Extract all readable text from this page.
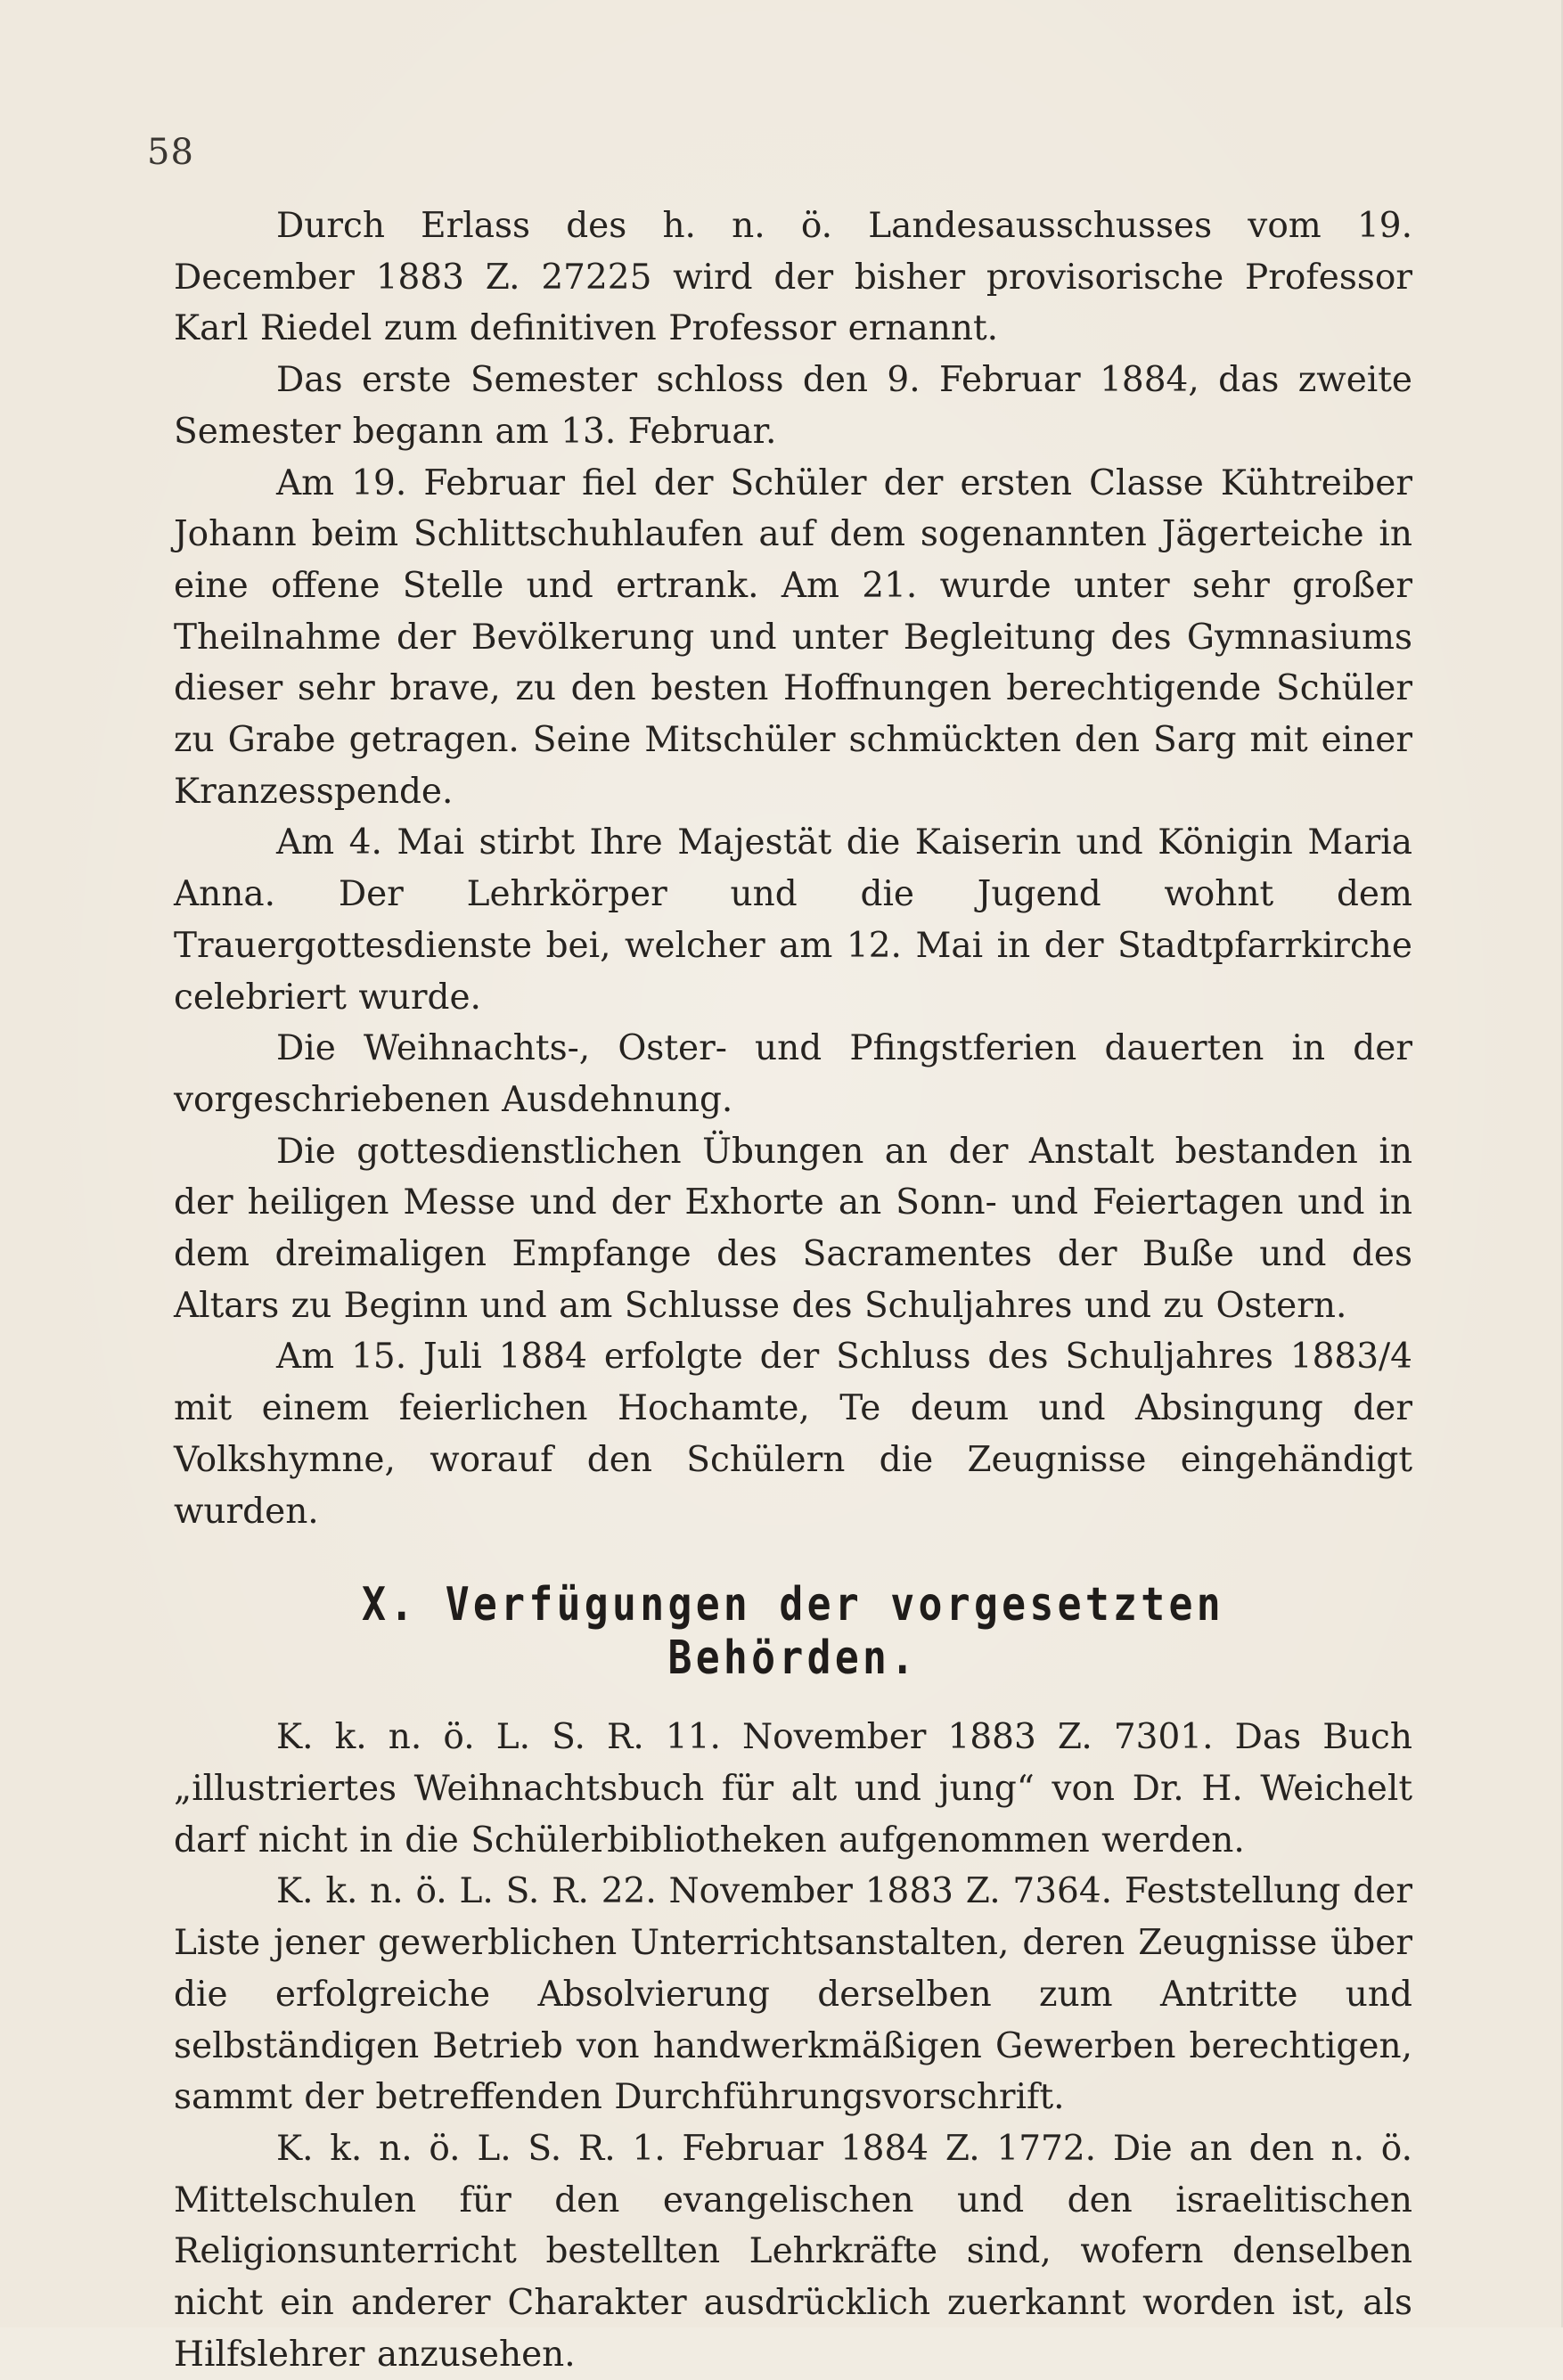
58

Durch Erlass des h. n. ö. Landesausschusses vom 19. December 1883 Z. 27225 wird der bisher provisorische Professor Karl Riedel zum definitiven Professor ernannt.

Das erste Semester schloss den 9. Februar 1884, das zweite Semester begann am 13. Februar.

Am 19. Februar fiel der Schüler der ersten Classe Kühtreiber Johann beim Schlittschuhlaufen auf dem sogenannten Jägerteiche in eine offene Stelle und ertrank. Am 21. wurde unter sehr großer Theilnahme der Bevölkerung und unter Begleitung des Gymnasiums dieser sehr brave, zu den besten Hoffnungen berechtigende Schüler zu Grabe getragen. Seine Mitschüler schmückten den Sarg mit einer Kranzesspende.

Am 4. Mai stirbt Ihre Majestät die Kaiserin und Königin Maria Anna. Der Lehrkörper und die Jugend wohnt dem Trauergottesdienste bei, welcher am 12. Mai in der Stadtpfarrkirche celebriert wurde.

Die Weihnachts-, Oster- und Pfingstferien dauerten in der vorgeschriebenen Ausdehnung.

Die gottesdienstlichen Übungen an der Anstalt bestanden in der heiligen Messe und der Exhorte an Sonn- und Feiertagen und in dem dreimaligen Empfange des Sacramentes der Buße und des Altars zu Beginn und am Schlusse des Schuljahres und zu Ostern.

Am 15. Juli 1884 erfolgte der Schluss des Schuljahres 1883/4 mit einem feierlichen Hochamte, Te deum und Absingung der Volkshymne, worauf den Schülern die Zeugnisse eingehändigt wurden.

X. Verfügungen der vorgesetzten Behörden.

K. k. n. ö. L. S. R. 11. November 1883 Z. 7301. Das Buch „illustriertes Weihnachtsbuch für alt und jung“ von Dr. H. Weichelt darf nicht in die Schülerbibliotheken aufgenommen werden.

K. k. n. ö. L. S. R. 22. November 1883 Z. 7364. Feststellung der Liste jener gewerblichen Unterrichtsanstalten, deren Zeugnisse über die erfolgreiche Absolvierung derselben zum Antritte und selbständigen Betrieb von handwerkmäßigen Gewerben berechtigen, sammt der betreffenden Durchführungsvorschrift.

K. k. n. ö. L. S. R. 1. Februar 1884 Z. 1772. Die an den n. ö. Mittelschulen für den evangelischen und den israelitischen Religionsunterricht bestellten Lehrkräfte sind, wofern denselben nicht ein anderer Charakter ausdrücklich zuerkannt worden ist, als Hilfslehrer anzusehen.
